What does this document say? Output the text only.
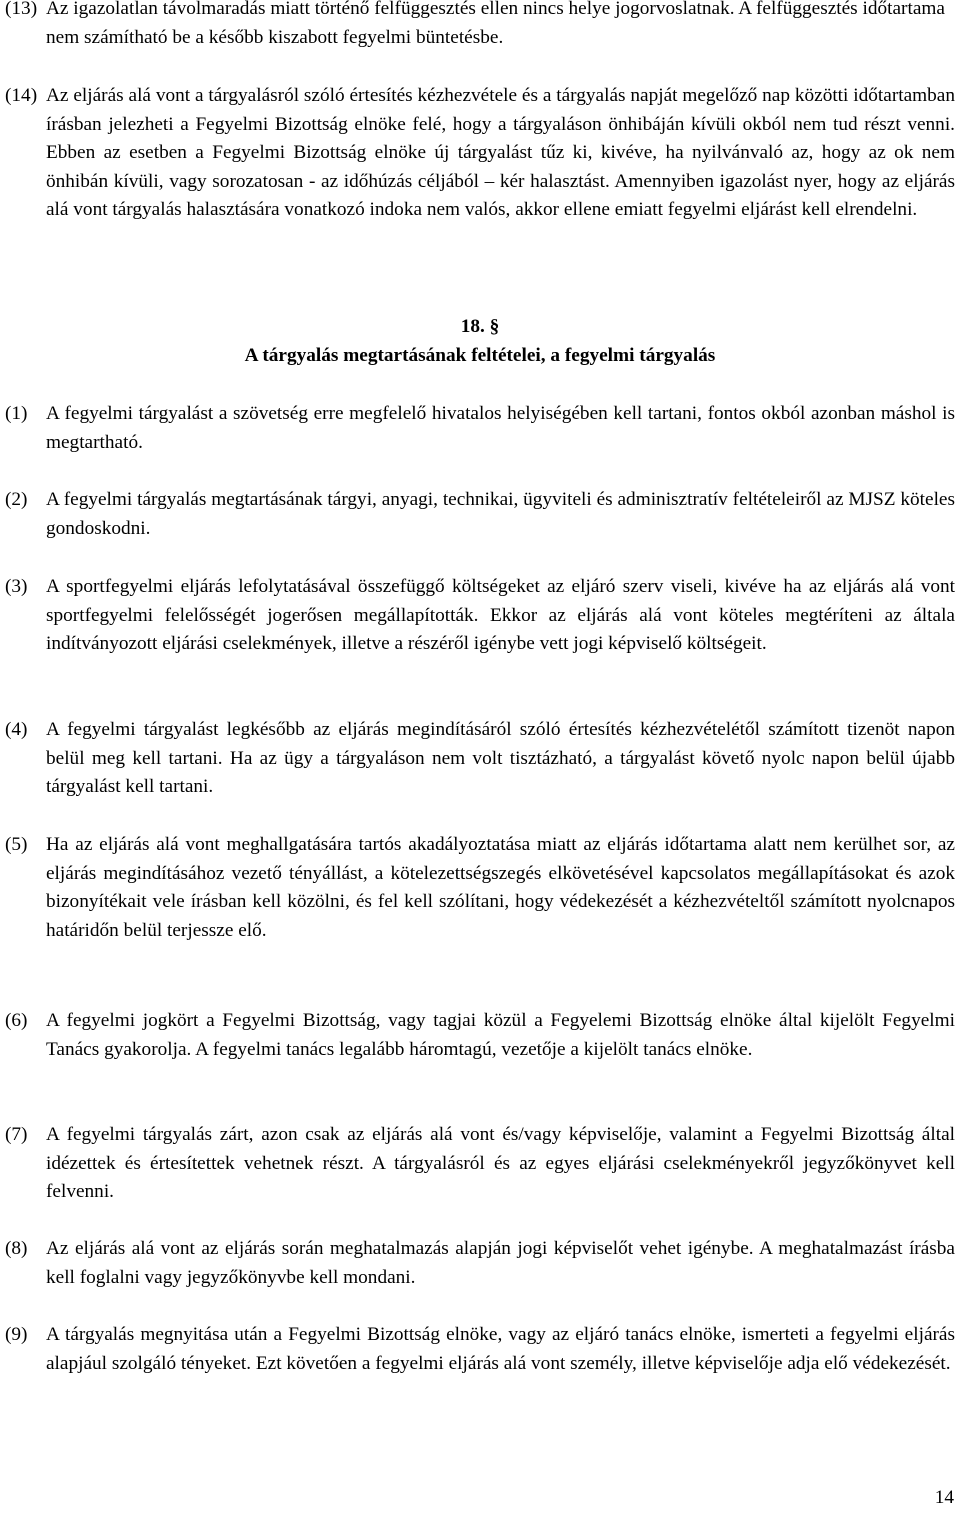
(13) Az igazolatlan távolmaradás miatt történő felfüggesztés ellen nincs helye jogorvoslatnak. A felfüggesztés időtartama nem számítható be a később kiszabott fegyelmi büntetésbe.
(14) Az eljárás alá vont a tárgyalásról szóló értesítés kézhezvétele és a tárgyalás napját megelőző nap közötti időtartamban írásban jelezheti a Fegyelmi Bizottság elnöke felé, hogy a tárgyaláson önhibáján kívüli okból nem tud részt venni. Ebben az esetben a Fegyelmi Bizottság elnöke új tárgyalást tűz ki, kivéve, ha nyilvánvaló az, hogy az ok nem önhibán kívüli, vagy sorozatosan - az időhúzás céljából – kér halasztást. Amennyiben igazolást nyer, hogy az eljárás alá vont tárgyalás halasztására vonatkozó indoka nem valós, akkor ellene emiatt fegyelmi eljárást kell elrendelni.
18. §
A tárgyalás megtartásának feltételei, a fegyelmi tárgyalás
(1) A fegyelmi tárgyalást a szövetség erre megfelelő hivatalos helyiségében kell tartani, fontos okból azonban máshol is megtartható.
(2) A fegyelmi tárgyalás megtartásának tárgyi, anyagi, technikai, ügyviteli és adminisztratív feltételeiről az MJSZ köteles gondoskodni.
(3) A sportfegyelmi eljárás lefolytatásával összefüggő költségeket az eljáró szerv viseli, kivéve ha az eljárás alá vont sportfegyelmi felelősségét jogerősen megállapították. Ekkor az eljárás alá vont köteles megtéríteni az általa indítványozott eljárási cselekmények, illetve a részéről igénybe vett jogi képviselő költségeit.
(4) A fegyelmi tárgyalást legkésőbb az eljárás megindításáról szóló értesítés kézhezvételétől számított tizenöt napon belül meg kell tartani. Ha az ügy a tárgyaláson nem volt tisztázható, a tárgyalást követő nyolc napon belül újabb tárgyalást kell tartani.
(5) Ha az eljárás alá vont meghallgatására tartós akadályoztatása miatt az eljárás időtartama alatt nem kerülhet sor, az eljárás megindításához vezető tényállást, a kötelezettségszegés elkövetésével kapcsolatos megállapításokat és azok bizonyítékait vele írásban kell közölni, és fel kell szólítani, hogy védekezését a kézhezvételtől számított nyolcnapos határidőn belül terjessze elő.
(6) A fegyelmi jogkört a Fegyelmi Bizottság, vagy tagjai közül a Fegyelemi Bizottság elnöke által kijelölt Fegyelmi Tanács gyakorolja. A fegyelmi tanács legalább háromtagú, vezetője a kijelölt tanács elnöke.
(7) A fegyelmi tárgyalás zárt, azon csak az eljárás alá vont és/vagy képviselője, valamint a Fegyelmi Bizottság által idézettek és értesítettek vehetnek részt. A tárgyalásról és az egyes eljárási cselekményekről jegyzőkönyvet kell felvenni.
(8) Az eljárás alá vont az eljárás során meghatalmazás alapján jogi képviselőt vehet igénybe. A meghatalmazást írásba kell foglalni vagy jegyzőkönyvbe kell mondani.
(9) A tárgyalás megnyitása után a Fegyelmi Bizottság elnöke, vagy az eljáró tanács elnöke, ismerteti a fegyelmi eljárás alapjául szolgáló tényeket. Ezt követően a fegyelmi eljárás alá vont személy, illetve képviselője adja elő védekezését.
14
